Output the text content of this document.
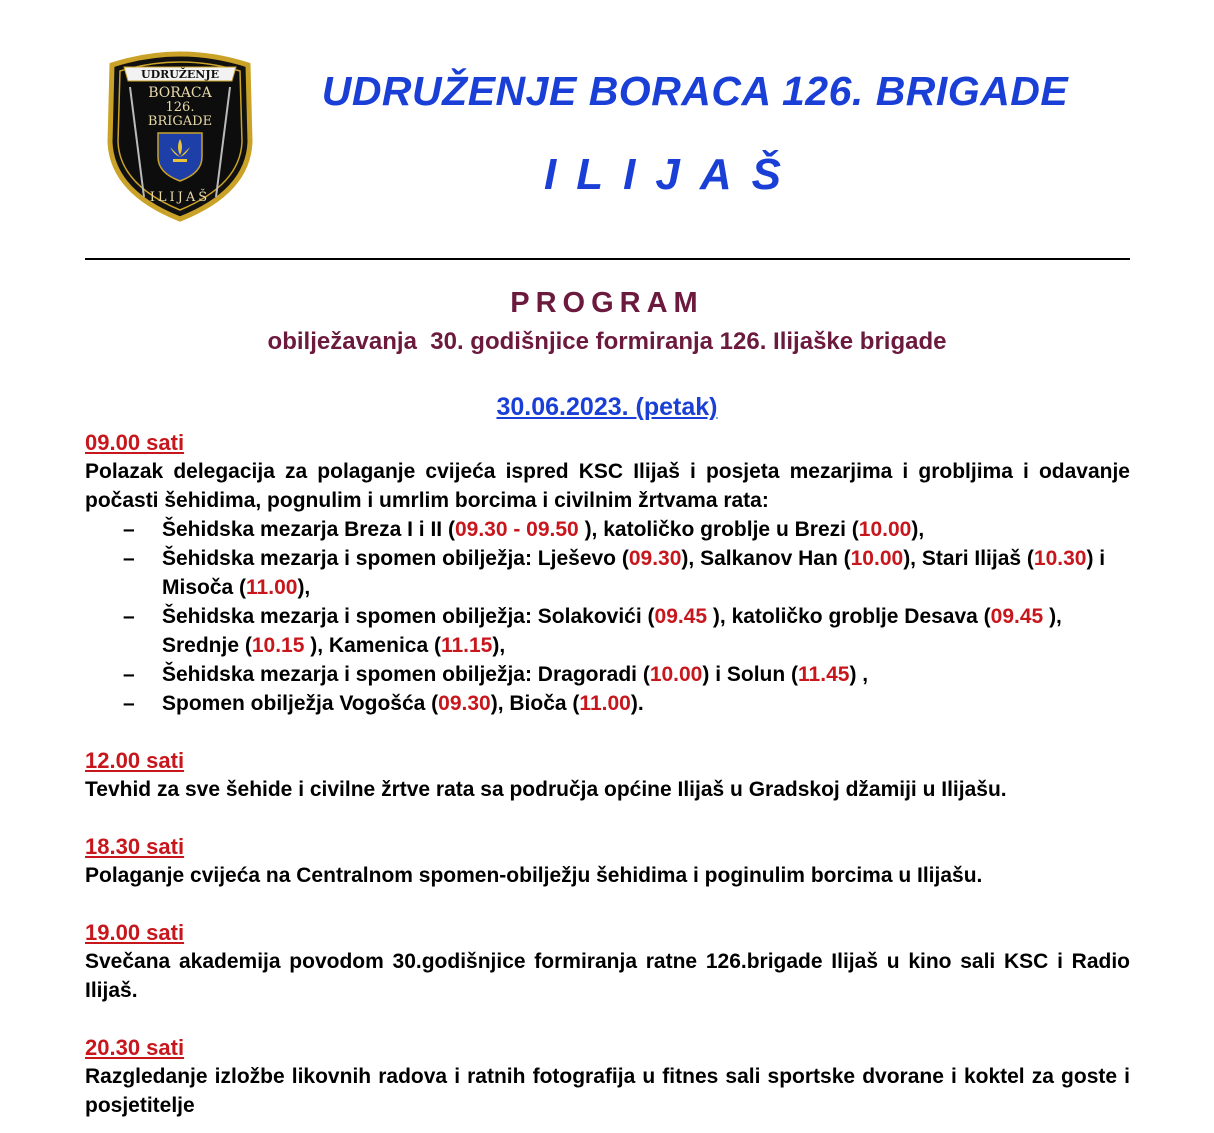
UDRUŽENJE
BORACA
126.
BRIGADE
ILIJAŠ
UDRUŽENJE BORACA 126. BRIGADE
ILIJAŠ
PROGRAM
obilježavanja  30. godišnjice formiranja 126. Ilijaške brigade
30.06.2023. (petak)
09.00 sati

Polazak delegacija za polaganje cvijeća ispred KSC Ilijaš i posjeta mezarjima i grobljima i odavanje počasti šehidima, pognulim i umrlim borcima i civilnim žrtvama rata:

– Šehidska mezarja Breza I i II (09.30 - 09.50 ), katoličko groblje u Brezi (10.00),
– Šehidska mezarja i spomen obilježja: Lješevo (09.30), Salkanov Han (10.00), Stari Ilijaš (10.30) i Misoča (11.00),
– Šehidska mezarja i spomen obilježja: Solakovići (09.45 ), katoličko groblje Desava (09.45 ), Srednje (10.15 ), Kamenica (11.15),
– Šehidska mezarja i spomen obilježja: Dragoradi (10.00) i Solun (11.45) ,
– Spomen obilježja Vogošća (09.30), Bioča (11.00).
12.00 sati

Tevhid za sve šehide i civilne žrtve rata sa područja općine Ilijaš u Gradskoj džamiji u Ilijašu.

18.30 sati

Polaganje cvijeća na Centralnom spomen-obilježju šehidima i poginulim borcima u Ilijašu.

19.00 sati

Svečana akademija povodom 30.godišnjice formiranja ratne 126.brigade Ilijaš u kino sali KSC i Radio Ilijaš.

20.30 sati

Razgledanje izložbe likovnih radova i ratnih fotografija u fitnes sali sportske dvorane i koktel za goste i posjetitelje
